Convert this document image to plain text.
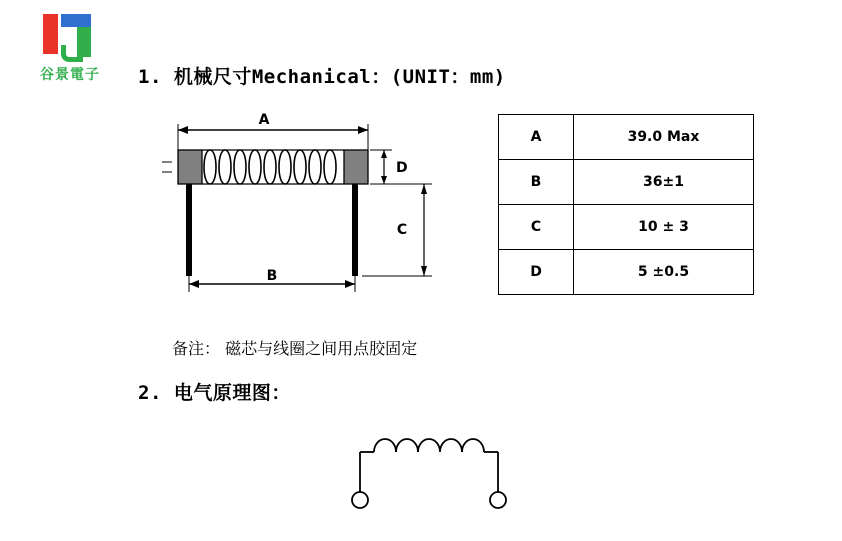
谷景電子	1. 机械尺寸Mechanical：(UNIT：mm)
A
D
C
B
A	39.0 Max
B	36±1
C	10 ± 3
D	5 ±0.5
备注： 磁芯与线圈之间用点胶固定
2. 电气原理图：
